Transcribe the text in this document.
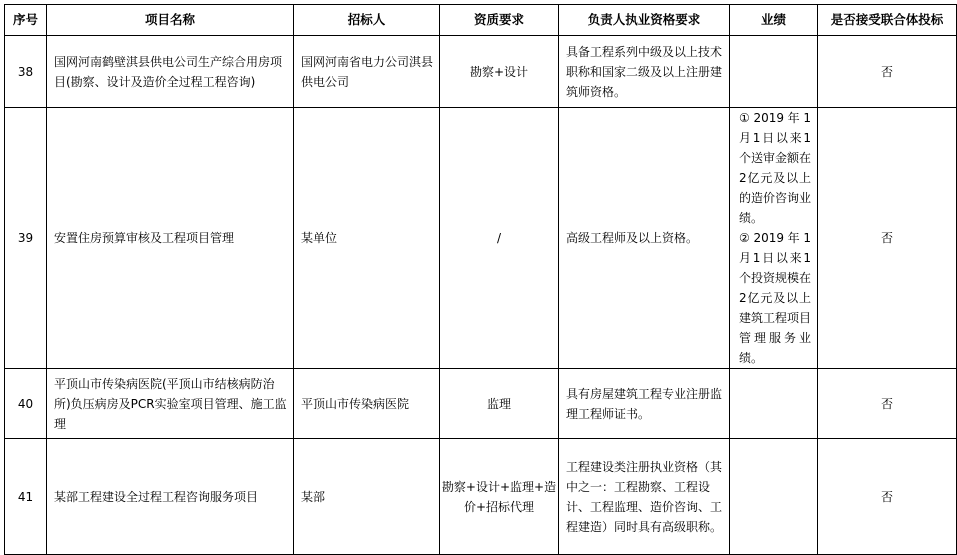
序号	项目名称	招标人	资质要求	负责人执业资格要求	业绩	是否接受联合体投标
38	国网河南鹤壁淇县供电公司生产综合用房项目(勘察、设计及造价全过程工程咨询)	国网河南省电力公司淇县供电公司	勘察+设计	具备工程系列中级及以上技术职称和国家二级及以上注册建筑师资格。		否
39	安置住房预算审核及工程项目管理	某单位	/	高级工程师及以上资格。	①2019年1月1日以来1个送审金额在2亿元及以上的造价咨询业绩。
②2019年1月1日以来1个投资规模在2亿元及以上建筑工程项目管理服务业绩。	否
40	平顶山市传染病医院(平顶山市结核病防治所)负压病房及PCR实验室项目管理、施工监理	平顶山市传染病医院	监理	具有房屋建筑工程专业注册监理工程师证书。		否
41	某部工程建设全过程工程咨询服务项目	某部	勘察+设计+监理+造价+招标代理	工程建设类注册执业资格（其中之一：工程勘察、工程设计、工程监理、造价咨询、工程建造）同时具有高级职称。		否
